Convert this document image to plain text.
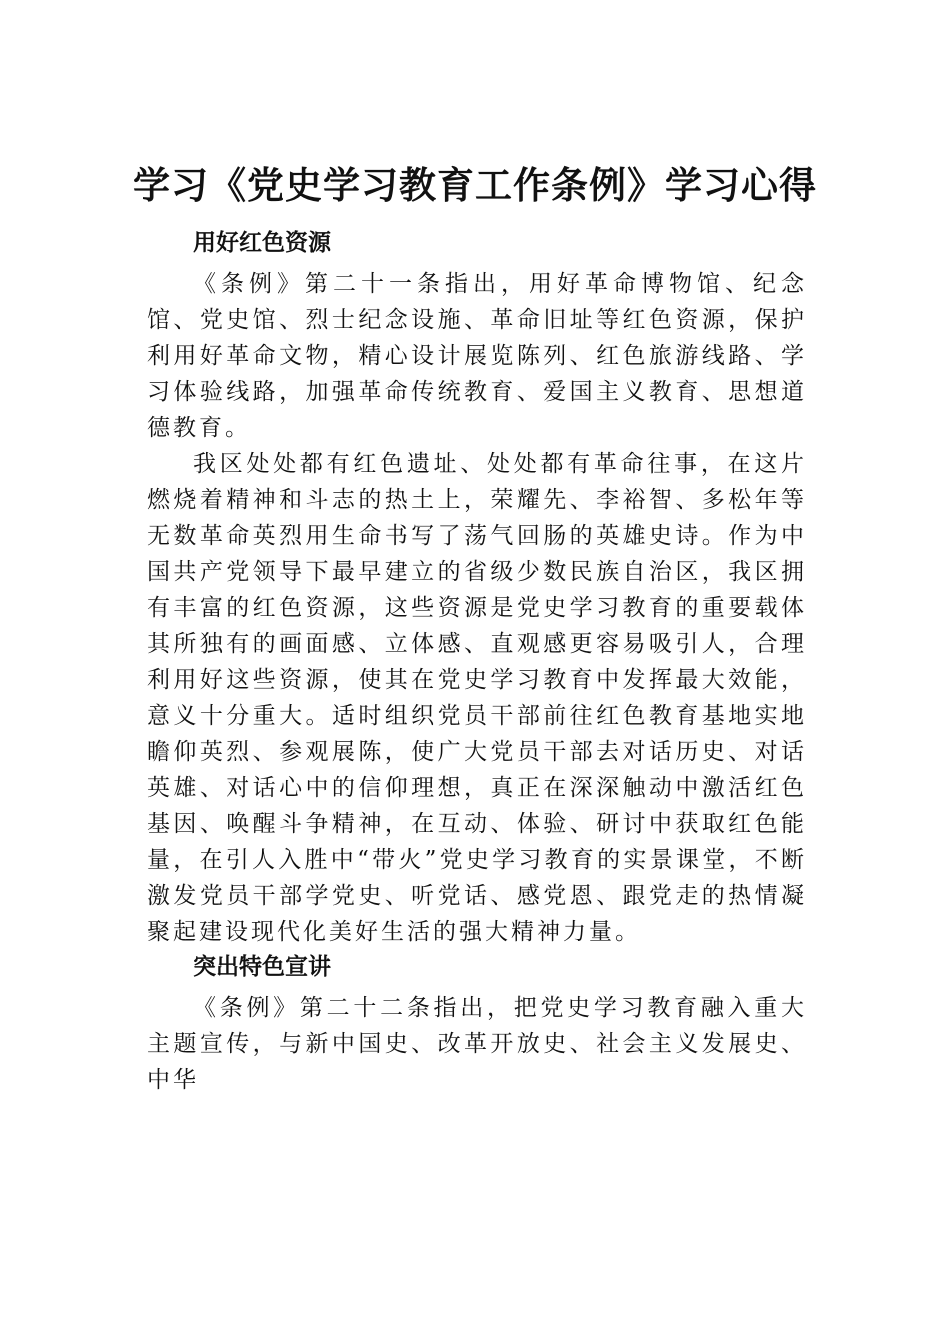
学习《党史学习教育工作条例》学习心得
用好红色资源

《条例》第二十一条指出，用好革命博物馆、纪念馆、党史馆、烈士纪念设施、革命旧址等红色资源，保护利用好革命文物，精心设计展览陈列、红色旅游线路、学习体验线路，加强革命传统教育、爱国主义教育、思想道德教育。

我区处处都有红色遗址、处处都有革命往事，在这片燃烧着精神和斗志的热土上，荣耀先、李裕智、多松年等无数革命英烈用生命书写了荡气回肠的英雄史诗。作为中国共产党领导下最早建立的省级少数民族自治区，我区拥有丰富的红色资源，这些资源是党史学习教育的重要载体其所独有的画面感、立体感、直观感更容易吸引人，合理利用好这些资源，使其在党史学习教育中发挥最大效能，意义十分重大。适时组织党员干部前往红色教育基地实地瞻仰英烈、参观展陈，使广大党员干部去对话历史、对话英雄、对话心中的信仰理想，真正在深深触动中激活红色基因、唤醒斗争精神，在互动、体验、研讨中获取红色能量，在引人入胜中“带火”党史学习教育的实景课堂，不断激发党员干部学党史、听党话、感党恩、跟党走的热情凝聚起建设现代化美好生活的强大精神力量。

突出特色宣讲

《条例》第二十二条指出，把党史学习教育融入重大主题宣传，与新中国史、改革开放史、社会主义发展史、中华
